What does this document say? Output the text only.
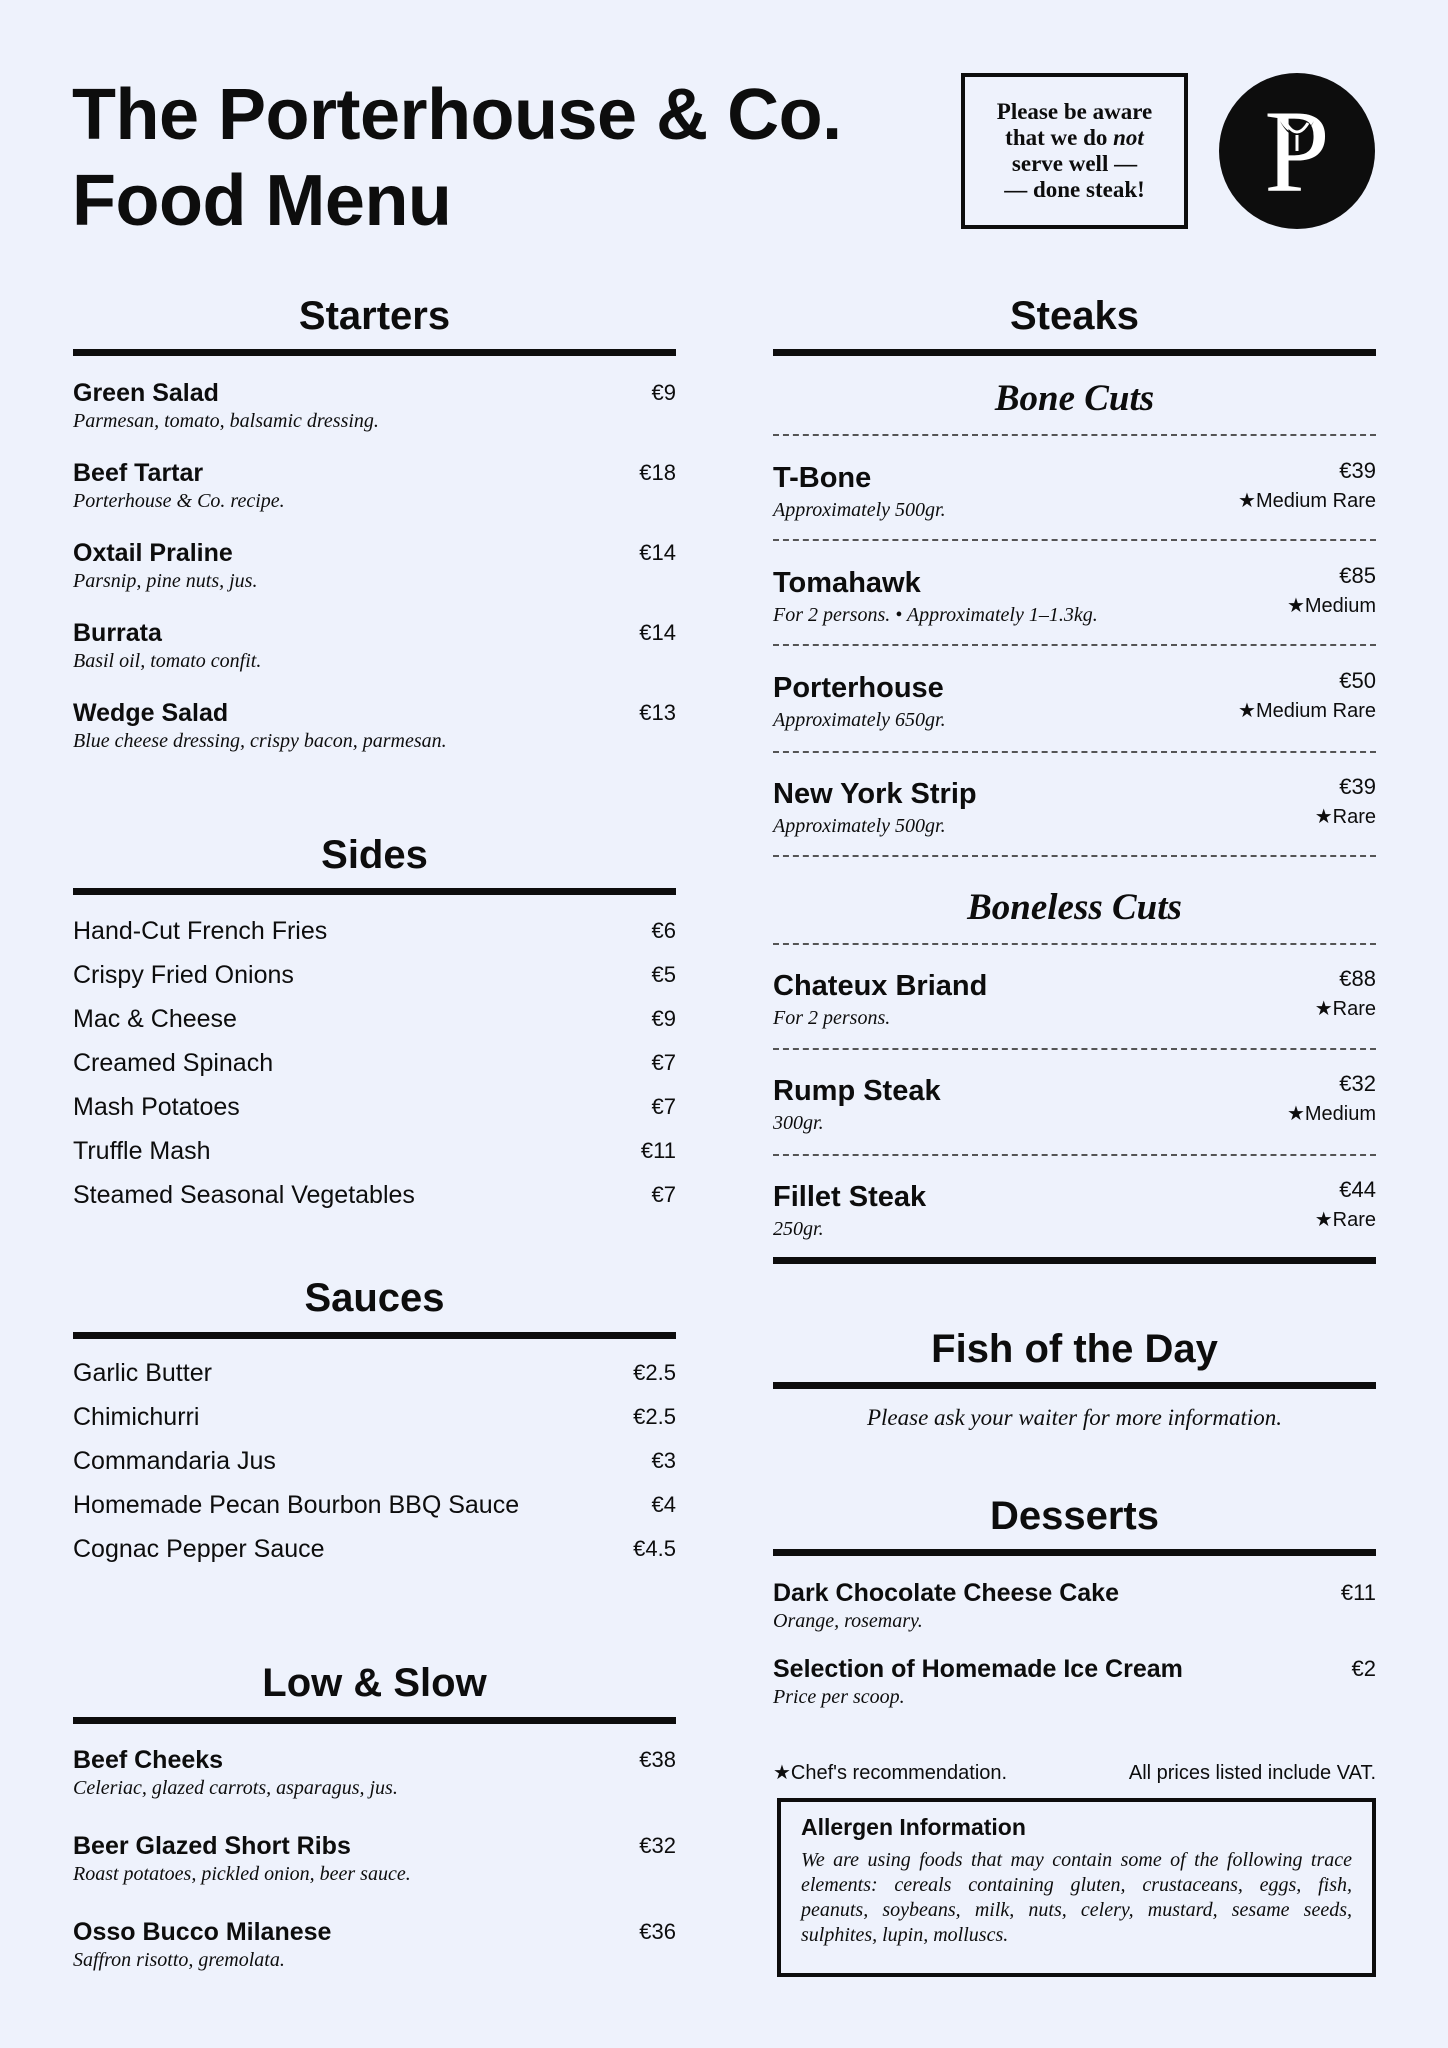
The Porterhouse & Co.
Food Menu
Please be aware
that we do not
serve well —
— done steak!	P
Starters
Green Salad
Parmesan, tomato, balsamic dressing.
€9
Beef Tartar
Porterhouse & Co. recipe.
€18
Oxtail Praline
Parsnip, pine nuts, jus.
€14
Burrata
Basil oil, tomato confit.
€14
Wedge Salad
Blue cheese dressing, crispy bacon, parmesan.
€13
Sides
Hand-Cut French Fries	€6
Crispy Fried Onions	€5
Mac & Cheese	€9
Creamed Spinach	€7
Mash Potatoes	€7
Truffle Mash	€11
Steamed Seasonal Vegetables	€7
Sauces
Garlic Butter	€2.5
Chimichurri	€2.5
Commandaria Jus	€3
Homemade Pecan Bourbon BBQ Sauce	€4
Cognac Pepper Sauce	€4.5
Low & Slow
Beef Cheeks
Celeriac, glazed carrots, asparagus, jus.
€38
Beer Glazed Short Ribs
Roast potatoes, pickled onion, beer sauce.
€32
Osso Bucco Milanese
Saffron risotto, gremolata.
€36
Steaks
Bone Cuts
T-Bone
Approximately 500gr.
€39
★Medium Rare
Tomahawk
For 2 persons. • Approximately 1–1.3kg.
€85
★Medium
Porterhouse
Approximately 650gr.
€50
★Medium Rare
New York Strip
Approximately 500gr.
€39
★Rare
Boneless Cuts
Chateux Briand
For 2 persons.
€88
★Rare
Rump Steak
300gr.
€32
★Medium
Fillet Steak
250gr.
€44
★Rare
Fish of the Day
Please ask your waiter for more information.
Desserts
Dark Chocolate Cheese Cake
Orange, rosemary.
€11
Selection of Homemade Ice Cream
Price per scoop.
€2
★Chef's recommendation.	All prices listed include VAT.
Allergen Information
We are using foods that may contain some of the following trace elements: cereals containing gluten, crustaceans, eggs, fish, peanuts, soybeans, milk, nuts, celery, mustard, sesame seeds, sulphites, lupin, molluscs.
